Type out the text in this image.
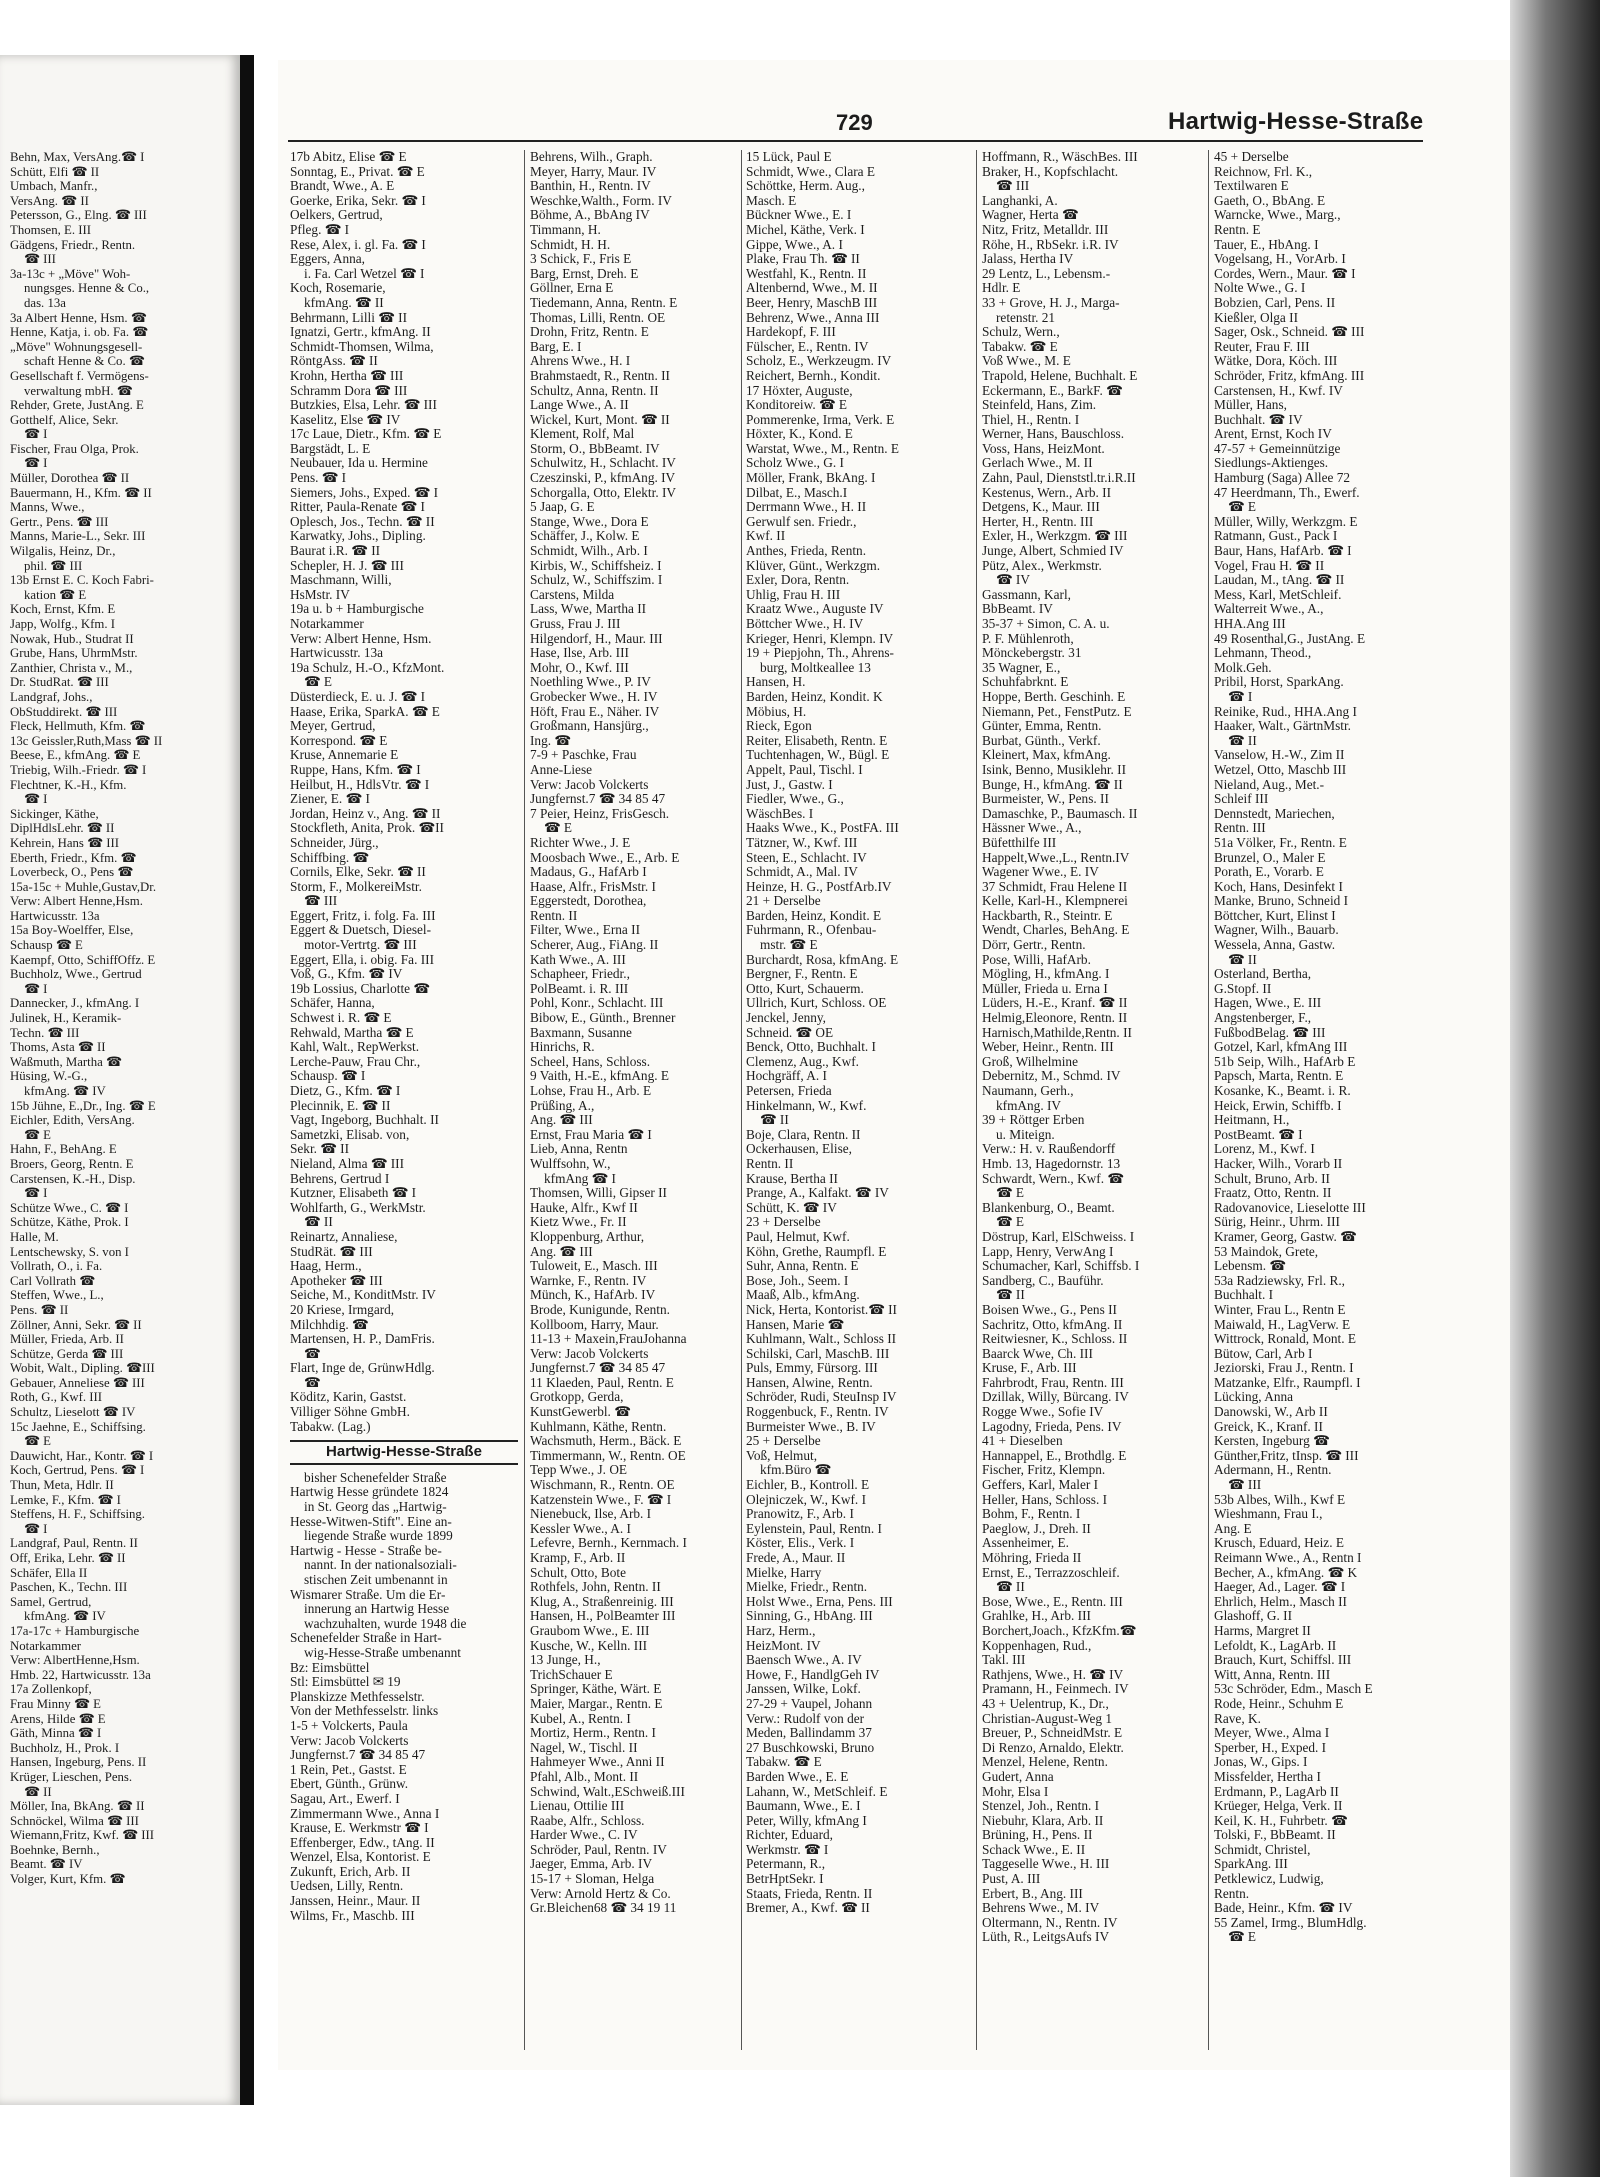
729	Hartwig-Hesse-Straße
Behn, Max, VersAng.☎ I
Schütt, Elfi ☎ II
Umbach, Manfr.,
VersAng. ☎ II
Petersson, G., Elng. ☎ III
Thomsen, E. III
Gädgens, Friedr., Rentn.
☎ III
3a-13c + „Möve" Woh-
nungsges. Henne & Co.,
das. 13a
3a Albert Henne, Hsm. ☎
Henne, Katja, i. ob. Fa. ☎
„Möve" Wohnungsgesell-
schaft Henne & Co. ☎
Gesellschaft f. Vermögens-
verwaltung mbH. ☎
Rehder, Grete, JustAng. E
Gotthelf, Alice, Sekr.
☎ I
Fischer, Frau Olga, Prok.
☎ I
Müller, Dorothea ☎ II
Bauermann, H., Kfm. ☎ II
Manns, Wwe.,
Gertr., Pens. ☎ III
Manns, Marie-L., Sekr. III
Wilgalis, Heinz, Dr.,
phil. ☎ III
13b Ernst E. C. Koch Fabri-
kation ☎ E
Koch, Ernst, Kfm. E
Japp, Wolfg., Kfm. I
Nowak, Hub., Studrat II
Grube, Hans, UhrmMstr.
Zanthier, Christa v., M.,
Dr. StudRat. ☎ III
Landgraf, Johs.,
ObStuddirekt. ☎ III
Fleck, Hellmuth, Kfm. ☎
13c Geissler,Ruth,Mass ☎ II
Beese, E., kfmAng. ☎ E
Triebig, Wilh.-Friedr. ☎ I
Flechtner, K.-H., Kfm.
☎ I
Sickinger, Käthe,
DiplHdlsLehr. ☎ II
Kehrein, Hans ☎ III
Eberth, Friedr., Kfm. ☎
Loverbeck, O., Pens ☎
15a-15c + Muhle,Gustav,Dr.
Verw: Albert Henne,Hsm.
Hartwicusstr. 13a
15a Boy-Woelffer, Else,
Schausp ☎ E
Kaempf, Otto, SchiffOffz. E
Buchholz, Wwe., Gertrud
☎ I
Dannecker, J., kfmAng. I
Julinek, H., Keramik-
Techn. ☎ III
Thoms, Asta ☎ II
Waßmuth, Martha ☎
Hüsing, W.-G.,
kfmAng. ☎ IV
15b Jühne, E.,Dr., Ing. ☎ E
Eichler, Edith, VersAng.
☎ E
Hahn, F., BehAng. E
Broers, Georg, Rentn. E
Carstensen, K.-H., Disp.
☎ I
Schütze Wwe., C. ☎ I
Schütze, Käthe, Prok. I
Halle, M.
Lentschewsky, S. von I
Vollrath, O., i. Fa.
Carl Vollrath ☎
Steffen, Wwe., L.,
Pens. ☎ II
Zöllner, Anni, Sekr. ☎ II
Müller, Frieda, Arb. II
Schütze, Gerda ☎ III
Wobit, Walt., Dipling. ☎III
Gebauer, Anneliese ☎ III
Roth, G., Kwf. III
Schultz, Lieselott ☎ IV
15c Jaehne, E., Schiffsing.
☎ E
Dauwicht, Har., Kontr. ☎ I
Koch, Gertrud, Pens. ☎ I
Thun, Meta, Hdlr. II
Lemke, F., Kfm. ☎ I
Steffens, H. F., Schiffsing.
☎ I
Landgraf, Paul, Rentn. II
Off, Erika, Lehr. ☎ II
Schäfer, Ella II
Paschen, K., Techn. III
Samel, Gertrud,
kfmAng. ☎ IV
17a-17c + Hamburgische
Notarkammer
Verw: AlbertHenne,Hsm.
Hmb. 22, Hartwicusstr. 13a
17a Zollenkopf,
Frau Minny ☎ E
Arens, Hilde ☎ E
Gäth, Minna ☎ I
Buchholz, H., Prok. I
Hansen, Ingeburg, Pens. II
Krüger, Lieschen, Pens.
☎ II
Möller, Ina, BkAng. ☎ II
Schnöckel, Wilma ☎ III
Wiemann,Fritz, Kwf. ☎ III
Boehnke, Bernh.,
Beamt. ☎ IV
Volger, Kurt, Kfm. ☎
17b Abitz, Elise ☎ E
Sonntag, E., Privat. ☎ E
Brandt, Wwe., A. E
Goerke, Erika, Sekr. ☎ I
Oelkers, Gertrud,
Pfleg. ☎ I
Rese, Alex, i. gl. Fa. ☎ I
Eggers, Anna,
i. Fa. Carl Wetzel ☎ I
Koch, Rosemarie,
kfmAng. ☎ II
Behrmann, Lilli ☎ II
Ignatzi, Gertr., kfmAng. II
Schmidt-Thomsen, Wilma,
RöntgAss. ☎ II
Krohn, Hertha ☎ III
Schramm Dora ☎ III
Butzkies, Elsa, Lehr. ☎ III
Kaselitz, Else ☎ IV
17c Laue, Dietr., Kfm. ☎ E
Bargstädt, L. E
Neubauer, Ida u. Hermine
Pens. ☎ I
Siemers, Johs., Exped. ☎ I
Ritter, Paula-Renate ☎ I
Oplesch, Jos., Techn. ☎ II
Karwatky, Johs., Dipling.
Baurat i.R. ☎ II
Schepler, H. J. ☎ III
Maschmann, Willi,
HsMstr. IV
19a u. b + Hamburgische
Notarkammer
Verw: Albert Henne, Hsm.
Hartwicusstr. 13a
19a Schulz, H.-O., KfzMont.
☎ E
Düsterdieck, E. u. J. ☎ I
Haase, Erika, SparkA. ☎ E
Meyer, Gertrud,
Korrespond. ☎ E
Kruse, Annemarie E
Ruppe, Hans, Kfm. ☎ I
Heilbut, H., HdlsVtr. ☎ I
Ziener, E. ☎ I
Jordan, Heinz v., Ang. ☎ II
Stockfleth, Anita, Prok. ☎II
Schneider, Jürg.,
Schiffbing. ☎
Cornils, Elke, Sekr. ☎ II
Storm, F., MolkereiMstr.
☎ III
Eggert, Fritz, i. folg. Fa. III
Eggert & Duetsch, Diesel-
motor-Vertrtg. ☎ III
Eggert, Ella, i. obig. Fa. III
Voß, G., Kfm. ☎ IV
19b Lossius, Charlotte ☎
Schäfer, Hanna,
Schwest i. R. ☎ E
Rehwald, Martha ☎ E
Kahl, Walt., RepWerkst.
Lerche-Pauw, Frau Chr.,
Schausp. ☎ I
Dietz, G., Kfm. ☎ I
Plecinnik, E. ☎ II
Vagt, Ingeborg, Buchhalt. II
Sametzki, Elisab. von,
Sekr. ☎ II
Nieland, Alma ☎ III
Behrens, Gertrud I
Kutzner, Elisabeth ☎ I
Wohlfarth, G., WerkMstr.
☎ II
Reinartz, Annaliese,
StudRät. ☎ III
Haag, Herm.,
Apotheker ☎ III
Seiche, M., KonditMstr. IV
20 Kriese, Irmgard,
Milchhdig. ☎
Martensen, H. P., DamFris.
☎
Flart, Inge de, GrünwHdlg.
☎
Köditz, Karin, Gastst.
Villiger Söhne GmbH.
Tabakw. (Lag.)
Hartwig-Hesse-Straße
bisher Schenefelder Straße
Hartwig Hesse gründete 1824
in St. Georg das „Hartwig-
Hesse-Witwen-Stift". Eine an-
liegende Straße wurde 1899
Hartwig - Hesse - Straße be-
nannt. In der nationalsoziali-
stischen Zeit umbenannt in
Wismarer Straße. Um die Er-
innerung an Hartwig Hesse
wachzuhalten, wurde 1948 die
Schenefelder Straße in Hart-
wig-Hesse-Straße umbenannt
Bz: Eimsbüttel
Stl: Eimsbüttel ✉ 19
Planskizze Methfesselstr.
Von der Methfesselstr. links
1-5 + Volckerts, Paula
Verw: Jacob Volckerts
Jungfernst.7 ☎ 34 85 47
1 Rein, Pet., Gastst. E
Ebert, Günth., Grünw.
Sagau, Art., Ewerf. I
Zimmermann Wwe., Anna I
Krause, E. Werkmstr ☎ I
Effenberger, Edw., tAng. II
Wenzel, Elsa, Kontorist. E
Zukunft, Erich, Arb. II
Uedsen, Lilly, Rentn.
Janssen, Heinr., Maur. II
Wilms, Fr., Maschb. III
Behrens, Wilh., Graph.
Meyer, Harry, Maur. IV
Banthin, H., Rentn. IV
Weschke,Walth., Form. IV
Böhme, A., BbAng IV
Timmann, H.
Schmidt, H. H.
3 Schick, F., Fris E
Barg, Ernst, Dreh. E
Göllner, Erna E
Tiedemann, Anna, Rentn. E
Thomas, Lilli, Rentn. OE
Drohn, Fritz, Rentn. E
Barg, E. I
Ahrens Wwe., H. I
Brahmstaedt, R., Rentn. II
Schultz, Anna, Rentn. II
Lange Wwe., A. II
Wickel, Kurt, Mont. ☎ II
Klement, Rolf, Mal
Storm, O., BbBeamt. IV
Schulwitz, H., Schlacht. IV
Czeszinski, P., kfmAng. IV
Schorgalla, Otto, Elektr. IV
5 Jaap, G. E
Stange, Wwe., Dora E
Schäffer, J., Kolw. E
Schmidt, Wilh., Arb. I
Kirbis, W., Schiffsheiz. I
Schulz, W., Schiffszim. I
Carstens, Milda
Lass, Wwe, Martha II
Gruss, Frau J. III
Hilgendorf, H., Maur. III
Hase, Ilse, Arb. III
Mohr, O., Kwf. III
Noethling Wwe., P. IV
Grobecker Wwe., H. IV
Höft, Frau E., Näher. IV
Großmann, Hansjürg.,
Ing. ☎
7-9 + Paschke, Frau
Anne-Liese
Verw: Jacob Volckerts
Jungfernst.7 ☎ 34 85 47
7 Peier, Heinz, FrisGesch.
☎ E
Richter Wwe., J. E
Moosbach Wwe., E., Arb. E
Madaus, G., HafArb I
Haase, Alfr., FrisMstr. I
Eggerstedt, Dorothea,
Rentn. II
Filter, Wwe., Erna II
Scherer, Aug., FiAng. II
Kath Wwe., A. III
Schapheer, Friedr.,
PolBeamt. i. R. III
Pohl, Konr., Schlacht. III
Bibow, E., Günth., Brenner
Baxmann, Susanne
Hinrichs, R.
Scheel, Hans, Schloss.
9 Vaith, H.-E., kfmAng. E
Lohse, Frau H., Arb. E
Prüßing, A.,
Ang. ☎ III
Ernst, Frau Maria ☎ I
Lieb, Anna, Rentn
Wulffsohn, W.,
kfmAng ☎ I
Thomsen, Willi, Gipser II
Hauke, Alfr., Kwf II
Kietz Wwe., Fr. II
Kloppenburg, Arthur,
Ang. ☎ III
Tuloweit, E., Masch. III
Warnke, F., Rentn. IV
Münch, K., HafArb. IV
Brode, Kunigunde, Rentn.
Kollboom, Harry, Maur.
11-13 + Maxein,FrauJohanna
Verw: Jacob Volckerts
Jungfernst.7 ☎ 34 85 47
11 Klaeden, Paul, Rentn. E
Grotkopp, Gerda,
KunstGewerbl. ☎
Kuhlmann, Käthe, Rentn.
Wachsmuth, Herm., Bäck. E
Timmermann, W., Rentn. OE
Tepp Wwe., J. OE
Wischmann, R., Rentn. OE
Katzenstein Wwe., F. ☎ I
Nienebuck, Ilse, Arb. I
Kessler Wwe., A. I
Lefevre, Bernh., Kernmach. I
Kramp, F., Arb. II
Schult, Otto, Bote
Rothfels, John, Rentn. II
Klug, A., Straßenreinig. III
Hansen, H., PolBeamter III
Graubom Wwe., E. III
Kusche, W., Kelln. III
13 Junge, H.,
TrichSchauer E
Springer, Käthe, Wärt. E
Maier, Margar., Rentn. E
Kubel, A., Rentn. I
Mortiz, Herm., Rentn. I
Nagel, W., Tischl. II
Hahmeyer Wwe., Anni II
Pfahl, Alb., Mont. II
Schwind, Walt.,ESchweiß.III
Lienau, Ottilie III
Raabe, Alfr., Schloss.
Harder Wwe., C. IV
Schröder, Paul, Rentn. IV
Jaeger, Emma, Arb. IV
15-17 + Sloman, Helga
Verw: Arnold Hertz & Co.
Gr.Bleichen68 ☎ 34 19 11
15 Lück, Paul E
Schmidt, Wwe., Clara E
Schöttke, Herm. Aug.,
Masch. E
Bückner Wwe., E. I
Michel, Käthe, Verk. I
Gippe, Wwe., A. I
Plake, Frau Th. ☎ II
Westfahl, K., Rentn. II
Altenbernd, Wwe., M. II
Beer, Henry, MaschB III
Behrenz, Wwe., Anna III
Hardekopf, F. III
Fülscher, E., Rentn. IV
Scholz, E., Werkzeugm. IV
Reichert, Bernh., Kondit.
17 Höxter, Auguste,
Konditoreiw. ☎ E
Pommerenke, Irma, Verk. E
Höxter, K., Kond. E
Warstat, Wwe., M., Rentn. E
Scholz Wwe., G. I
Möller, Frank, BkAng. I
Dilbat, E., Masch.I
Derrmann Wwe., H. II
Gerwulf sen. Friedr.,
Kwf. II
Anthes, Frieda, Rentn.
Klüver, Günt., Werkzgm.
Exler, Dora, Rentn.
Uhlig, Frau H. III
Kraatz Wwe., Auguste IV
Böttcher Wwe., H. IV
Krieger, Henri, Klempn. IV
19 + Piepjohn, Th., Ahrens-
burg, Moltkeallee 13
Hansen, H.
Barden, Heinz, Kondit. K
Möbius, H.
Rieck, Egon
Reiter, Elisabeth, Rentn. E
Tuchtenhagen, W., Bügl. E
Appelt, Paul, Tischl. I
Just, J., Gastw. I
Fiedler, Wwe., G.,
WäschBes. I
Haaks Wwe., K., PostFA. III
Tätzner, W., Kwf. III
Steen, E., Schlacht. IV
Schmidt, A., Mal. IV
Heinze, H. G., PostfArb.IV
21 + Derselbe
Barden, Heinz, Kondit. E
Fuhrmann, R., Ofenbau-
mstr. ☎ E
Burchardt, Rosa, kfmAng. E
Bergner, F., Rentn. E
Otto, Kurt, Schauerm.
Ullrich, Kurt, Schloss. OE
Jenckel, Jenny,
Schneid. ☎ OE
Benck, Otto, Buchhalt. I
Clemenz, Aug., Kwf.
Hochgräff, A. I
Petersen, Frieda
Hinkelmann, W., Kwf.
☎ II
Boje, Clara, Rentn. II
Ockerhausen, Elise,
Rentn. II
Krause, Bertha II
Prange, A., Kalfakt. ☎ IV
Schütt, K. ☎ IV
23 + Derselbe
Paul, Helmut, Kwf.
Köhn, Grethe, Raumpfl. E
Suhr, Anna, Rentn. E
Bose, Joh., Seem. I
Maaß, Alb., kfmAng.
Nick, Herta, Kontorist.☎ II
Hansen, Marie ☎
Kuhlmann, Walt., Schloss II
Schilski, Carl, MaschB. III
Puls, Emmy, Fürsorg. III
Hansen, Alwine, Rentn.
Schröder, Rudi, SteuInsp IV
Roggenbuck, F., Rentn. IV
Burmeister Wwe., B. IV
25 + Derselbe
Voß, Helmut,
kfm.Büro ☎
Eichler, B., Kontroll. E
Olejniczek, W., Kwf. I
Pranowitz, F., Arb. I
Eylenstein, Paul, Rentn. I
Köster, Elis., Verk. I
Frede, A., Maur. II
Mielke, Harry
Mielke, Friedr., Rentn.
Holst Wwe., Erna, Pens. III
Sinning, G., HbAng. III
Harz, Herm.,
HeizMont. IV
Baensch Wwe., A. IV
Howe, F., HandlgGeh IV
Janssen, Wilke, Lokf.
27-29 + Vaupel, Johann
Verw.: Rudolf von der
Meden, Ballindamm 37
27 Buschkowski, Bruno
Tabakw. ☎ E
Barden Wwe., E. E
Lahann, W., MetSchleif. E
Baumann, Wwe., E. I
Peter, Willy, kfmAng I
Richter, Eduard,
Werkmstr. ☎ I
Petermann, R.,
BetrHptSekr. I
Staats, Frieda, Rentn. II
Bremer, A., Kwf. ☎ II
Hoffmann, R., WäschBes. III
Braker, H., Kopfschlacht.
☎ III
Langhanki, A.
Wagner, Herta ☎
Nitz, Fritz, Metalldr. III
Röhe, H., RbSekr. i.R. IV
Jalass, Hertha IV
29 Lentz, L., Lebensm.-
Hdlr. E
33 + Grove, H. J., Marga-
retenstr. 21
Schulz, Wern.,
Tabakw. ☎ E
Voß Wwe., M. E
Trapold, Helene, Buchhalt. E
Eckermann, E., BarkF. ☎
Steinfeld, Hans, Zim.
Thiel, H., Rentn. I
Werner, Hans, Bauschloss.
Voss, Hans, HeizMont.
Gerlach Wwe., M. II
Zahn, Paul, Dienststl.tr.i.R.II
Kestenus, Wern., Arb. II
Detgens, K., Maur. III
Herter, H., Rentn. III
Exler, H., Werkzgm. ☎ III
Junge, Albert, Schmied IV
Pütz, Alex., Werkmstr.
☎ IV
Gassmann, Karl,
BbBeamt. IV
35-37 + Simon, C. A. u.
P. F. Mühlenroth,
Mönckebergstr. 31
35 Wagner, E.,
Schuhfabrknt. E
Hoppe, Berth. Geschinh. E
Niemann, Pet., FenstPutz. E
Günter, Emma, Rentn.
Burbat, Günth., Verkf.
Kleinert, Max, kfmAng.
Isink, Benno, Musiklehr. II
Bunge, H., kfmAng. ☎ II
Burmeister, W., Pens. II
Damaschke, P., Baumasch. II
Hässner Wwe., A.,
Büfetthilfe III
Happelt,Wwe.,L., Rentn.IV
Wagener Wwe., E. IV
37 Schmidt, Frau Helene II
Kelle, Karl-H., Klempnerei
Hackbarth, R., Steintr. E
Wendt, Charles, BehAng. E
Dörr, Gertr., Rentn.
Pose, Willi, HafArb.
Mögling, H., kfmAng. I
Müller, Frieda u. Erna I
Lüders, H.-E., Kranf. ☎ II
Helmig,Eleonore, Rentn. II
Harnisch,Mathilde,Rentn. II
Weber, Heinr., Rentn. III
Groß, Wilhelmine
Debernitz, M., Schmd. IV
Naumann, Gerh.,
kfmAng. IV
39 + Röttger Erben
u. Miteign.
Verw.: H. v. Raußendorff
Hmb. 13, Hagedornstr. 13
Schwardt, Wern., Kwf. ☎
☎ E
Blankenburg, O., Beamt.
☎ E
Döstrup, Karl, ElSchweiss. I
Lapp, Henry, VerwAng I
Schumacher, Karl, Schiffsb. I
Sandberg, C., Bauführ.
☎ II
Boisen Wwe., G., Pens II
Sachritz, Otto, kfmAng. II
Reitwiesner, K., Schloss. II
Baarck Wwe, Ch. III
Kruse, F., Arb. III
Fahrbrodt, Frau, Rentn. III
Dzillak, Willy, Bürcang. IV
Rogge Wwe., Sofie IV
Lagodny, Frieda, Pens. IV
41 + Dieselben
Hannappel, E., Brothdlg. E
Fischer, Fritz, Klempn.
Geffers, Karl, Maler I
Heller, Hans, Schloss. I
Bohm, F., Rentn. I
Paeglow, J., Dreh. II
Assenheimer, E.
Möhring, Frieda II
Ernst, E., Terrazzoschleif.
☎ II
Bose, Wwe., E., Rentn. III
Grahlke, H., Arb. III
Borchert,Joach., KfzKfm.☎
Koppenhagen, Rud.,
Takl. III
Rathjens, Wwe., H. ☎ IV
Pramann, H., Feinmech. IV
43 + Uelentrup, K., Dr.,
Christian-August-Weg 1
Breuer, P., SchneidMstr. E
Di Renzo, Arnaldo, Elektr.
Menzel, Helene, Rentn.
Gudert, Anna
Mohr, Elsa I
Stenzel, Joh., Rentn. I
Niebuhr, Klara, Arb. II
Brüning, H., Pens. II
Schack Wwe., E. II
Taggeselle Wwe., H. III
Pust, A. III
Erbert, B., Ang. III
Behrens Wwe., M. IV
Oltermann, N., Rentn. IV
Lüth, R., LeitgsAufs IV
45 + Derselbe
Reichnow, Frl. K.,
Textilwaren E
Gaeth, O., BbAng. E
Warncke, Wwe., Marg.,
Rentn. E
Tauer, E., HbAng. I
Vogelsang, H., VorArb. I
Cordes, Wern., Maur. ☎ I
Nolte Wwe., G. I
Bobzien, Carl, Pens. II
Kießler, Olga II
Sager, Osk., Schneid. ☎ III
Reuter, Frau F. III
Wätke, Dora, Köch. III
Schröder, Fritz, kfmAng. III
Carstensen, H., Kwf. IV
Müller, Hans,
Buchhalt. ☎ IV
Arent, Ernst, Koch IV
47-57 + Gemeinnützige
Siedlungs-Aktienges.
Hamburg (Saga) Allee 72
47 Heerdmann, Th., Ewerf.
☎ E
Müller, Willy, Werkzgm. E
Ratmann, Gust., Pack I
Baur, Hans, HafArb. ☎ I
Vogel, Frau H. ☎ II
Laudan, M., tAng. ☎ II
Mess, Karl, MetSchleif.
Walterreit Wwe., A.,
HHA.Ang III
49 Rosenthal,G., JustAng. E
Lehmann, Theod.,
Molk.Geh.
Pribil, Horst, SparkAng.
☎ I
Reinike, Rud., HHA.Ang I
Haaker, Walt., GärtnMstr.
☎ II
Vanselow, H.-W., Zim II
Wetzel, Otto, Maschb III
Nieland, Aug., Met.-
Schleif III
Dennstedt, Mariechen,
Rentn. III
51a Völker, Fr., Rentn. E
Brunzel, O., Maler E
Porath, E., Vorarb. E
Koch, Hans, Desinfekt I
Manke, Bruno, Schneid I
Böttcher, Kurt, Elinst I
Wagner, Wilh., Bauarb.
Wessela, Anna, Gastw.
☎ II
Osterland, Bertha,
G.Stopf. II
Hagen, Wwe., E. III
Angstenberger, F.,
FußbodBelag. ☎ III
Gotzel, Karl, kfmAng III
51b Seip, Wilh., HafArb E
Papsch, Marta, Rentn. E
Kosanke, K., Beamt. i. R.
Heick, Erwin, Schiffb. I
Heitmann, H.,
PostBeamt. ☎ I
Lorenz, M., Kwf. I
Hacker, Wilh., Vorarb II
Schult, Bruno, Arb. II
Fraatz, Otto, Rentn. II
Radovanovice, Lieselotte III
Sürig, Heinr., Uhrm. III
Kramer, Georg, Gastw. ☎
53 Maindok, Grete,
Lebensm. ☎
53a Radziewsky, Frl. R.,
Buchhalt. I
Winter, Frau L., Rentn E
Maiwald, H., LagVerw. E
Wittrock, Ronald, Mont. E
Bütow, Carl, Arb I
Jeziorski, Frau J., Rentn. I
Matzanke, Elfr., Raumpfl. I
Lücking, Anna
Danowski, W., Arb II
Greick, K., Kranf. II
Kersten, Ingeburg ☎
Günther,Fritz, tInsp. ☎ III
Adermann, H., Rentn.
☎ III
53b Albes, Wilh., Kwf E
Wieshmann, Frau I.,
Ang. E
Krusch, Eduard, Heiz. E
Reimann Wwe., A., Rentn I
Becher, A., kfmAng. ☎ K
Haeger, Ad., Lager. ☎ I
Ehrlich, Helm., Masch II
Glashoff, G. II
Harms, Margret II
Lefoldt, K., LagArb. II
Brauch, Kurt, Schiffsl. III
Witt, Anna, Rentn. III
53c Schröder, Edm., Masch E
Rode, Heinr., Schuhm E
Rave, K.
Meyer, Wwe., Alma I
Sperber, H., Exped. I
Jonas, W., Gips. I
Missfelder, Hertha I
Erdmann, P., LagArb II
Krüeger, Helga, Verk. II
Keil, K. H., Fuhrbetr. ☎
Tolski, F., BbBeamt. II
Schmidt, Christel,
SparkAng. III
Petklewicz, Ludwig,
Rentn.
Bade, Heinr., Kfm. ☎ IV
55 Zamel, Irmg., BlumHdlg.
☎ E
